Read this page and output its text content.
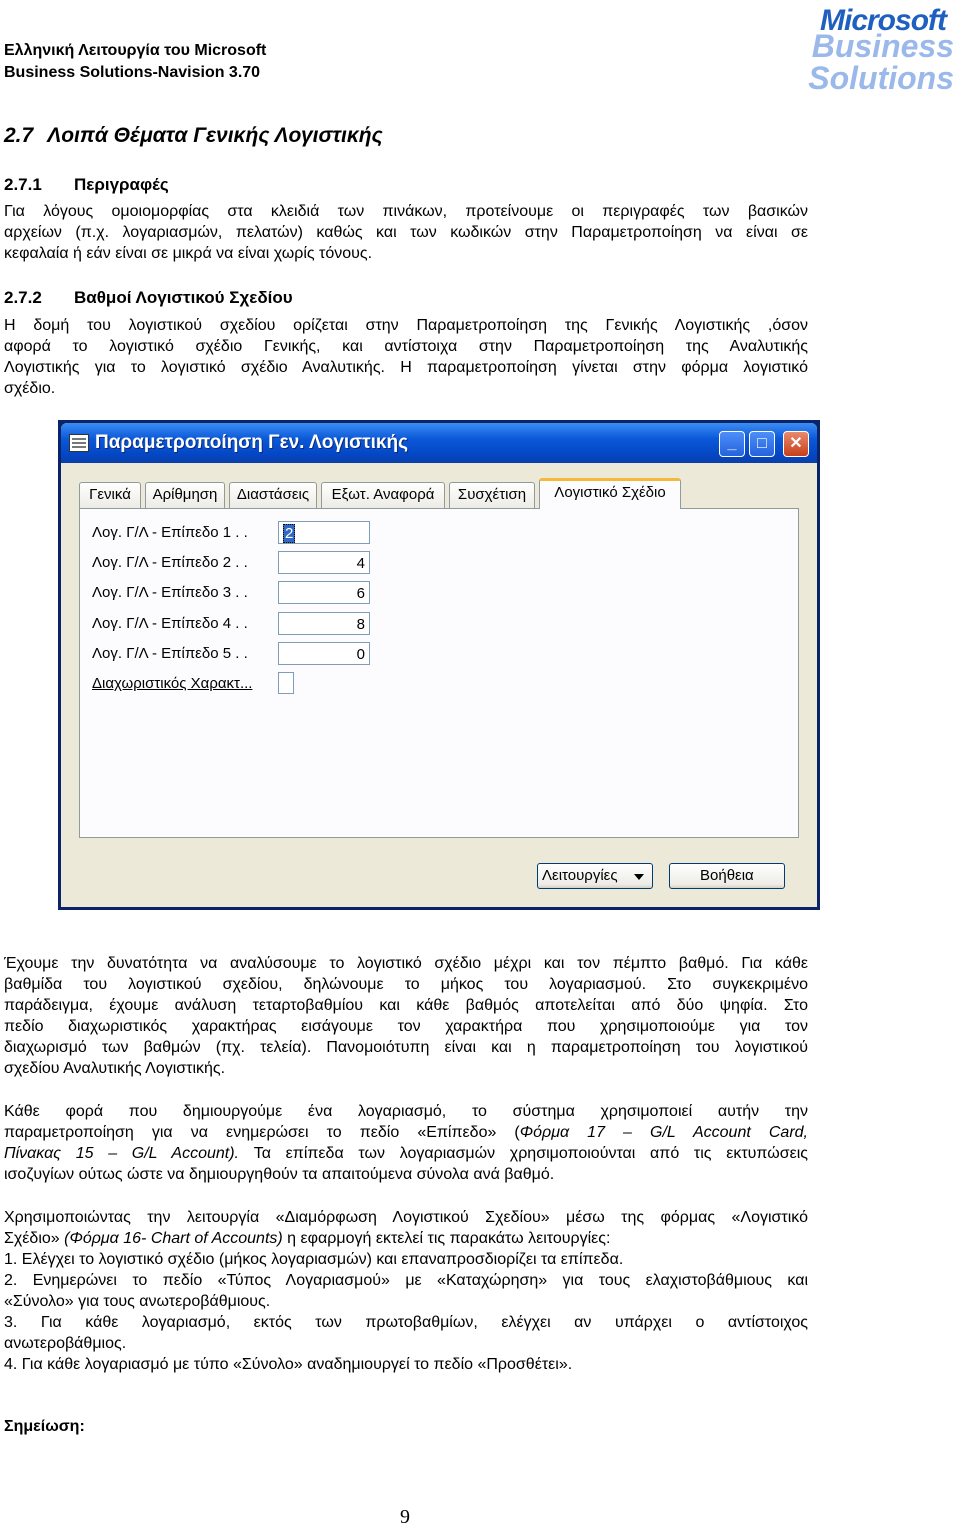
Ελληνική Λειτουργία του Microsoft
Business Solutions-Navision 3.70
Microsoft
Business
Solutions
2.7 Λοιπά Θέματα Γενικής Λογιστικής
2.7.1 Περιγραφές
Για λόγους ομοιομορφίας στα κλειδιά των πινάκων, προτείνουμε οι περιγραφές των βασικών
αρχείων (π.χ. λογαριασμών, πελατών) καθώς και των κωδικών στην Παραμετροποίηση να είναι σε
κεφαλαία ή εάν είναι σε μικρά να είναι χωρίς τόνους.
2.7.2 Βαθμοί Λογιστικού Σχεδίου
Η δομή του λογιστικού σχεδίου ορίζεται στην Παραμετροποίηση της Γενικής Λογιστικής ,όσον
αφορά το λογιστικό σχέδιο Γενικής, και αντίστοιχα στην Παραμετροποίηση της Αναλυτικής
Λογιστικής για το λογιστικό σχέδιο Αναλυτικής. Η παραμετροποίηση γίνεται στην φόρμα λογιστικό
σχέδιο.
Παραμετροποίηση Γεν. Λογιστικής	_	□	✕
Γενικά	Αρίθμηση	Διαστάσεις	Εξωτ. Αναφορά	Συσχέτιση	Λογιστικό Σχέδιο
Λογ. Γ/Λ - Επίπεδο 1 . .	2
Λογ. Γ/Λ - Επίπεδο 2 . .	4
Λογ. Γ/Λ - Επίπεδο 3 . .	6
Λογ. Γ/Λ - Επίπεδο 4 . .	8
Λογ. Γ/Λ - Επίπεδο 5 . .	0
Διαχωριστικός Χαρακτ...
Λειτουργίες	Βοήθεια
Έχουμε την δυνατότητα να αναλύσουμε το λογιστικό σχέδιο μέχρι και τον πέμπτο βαθμό. Για κάθε
βαθμίδα του λογιστικού σχεδίου, δηλώνουμε το μήκος του λογαριασμού. Στο συγκεκριμένο
παράδειγμα, έχουμε ανάλυση τεταρτοβαθμίου και κάθε βαθμός αποτελείται από δύο ψηφία. Στο
πεδίο διαχωριστικός χαρακτήρας εισάγουμε τον χαρακτήρα που χρησιμοποιούμε για τον
διαχωρισμό των βαθμών (πχ. τελεία). Πανομοιότυπη είναι και η παραμετροποίηση του λογιστικού
σχεδίου Αναλυτικής Λογιστικής.
Κάθε φορά που δημιουργούμε ένα λογαριασμό, το σύστημα χρησιμοποιεί αυτήν την
παραμετροποίηση για να ενημερώσει το πεδίο «Επίπεδο» (Φόρμα 17 – G/L Account Card,
Πίνακας 15 – G/L Account). Τα επίπεδα των λογαριασμών χρησιμοποιούνται από τις εκτυπώσεις
ισοζυγίων ούτως ώστε να δημιουργηθούν τα απαιτούμενα σύνολα ανά βαθμό.
Χρησιμοποιώντας την λειτουργία «Διαμόρφωση Λογιστικού Σχεδίου» μέσω της φόρμας «Λογιστικό
Σχέδιο» (Φόρμα 16- Chart of Accounts) η εφαρμογή εκτελεί τις παρακάτω λειτουργίες:
1. Ελέγχει το λογιστικό σχέδιο (μήκος λογαριασμών) και επαναπροσδιορίζει τα επίπεδα.
2. Ενημερώνει το πεδίο «Τύπος Λογαριασμού» με «Καταχώρηση» για τους ελαχιστοβάθμιους και
«Σύνολο» για τους ανωτεροβάθμιους.
3. Για κάθε λογαριασμό, εκτός των πρωτοβαθμίων, ελέγχει αν υπάρχει ο αντίστοιχος
ανωτεροβάθμιος.
4. Για κάθε λογαριασμό με τύπο «Σύνολο» αναδημιουργεί το πεδίο «Προσθέτει».
Σημείωση:
9
